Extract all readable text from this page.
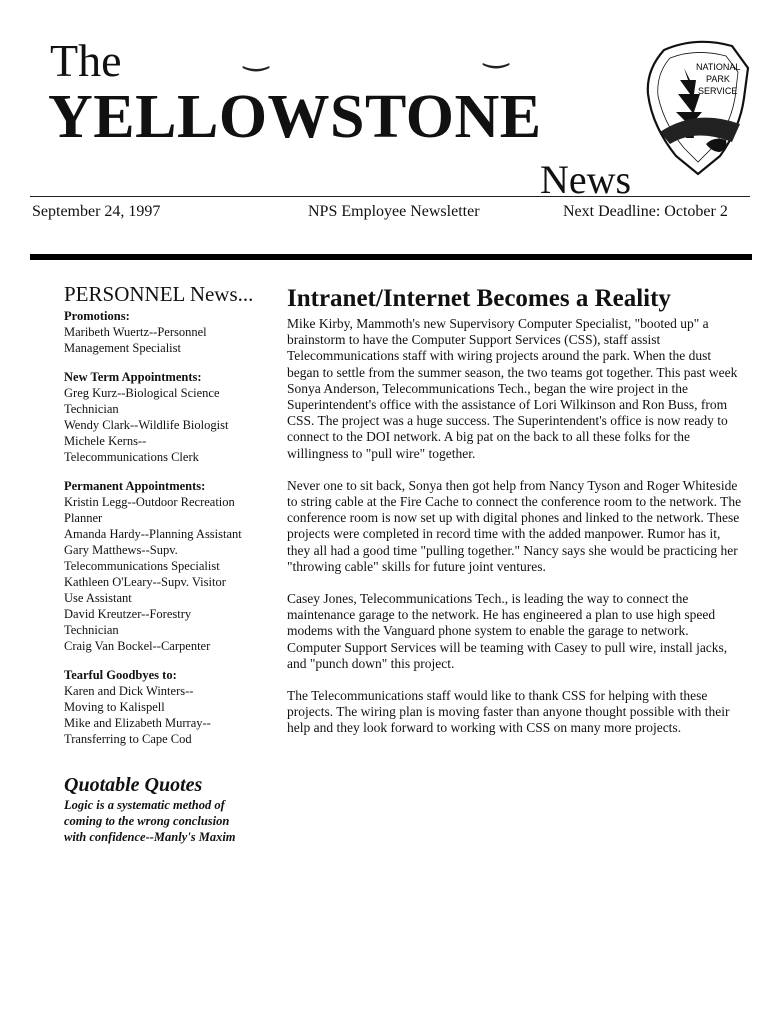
The	‿	‿
YELLOWSTONE
News
NATIONAL
PARK
SERVICE
September 24, 1997	NPS Employee Newsletter	Next Deadline: October 2
PERSONNEL News...
Promotions:
Maribeth Wuertz--Personnel
Management Specialist
New Term Appointments:
Greg Kurz--Biological Science
Technician
Wendy Clark--Wildlife Biologist
Michele Kerns--
Telecommunications Clerk
Permanent Appointments:
Kristin Legg--Outdoor Recreation
Planner
Amanda Hardy--Planning Assistant
Gary Matthews--Supv.
Telecommunications Specialist
Kathleen O'Leary--Supv. Visitor
Use Assistant
David Kreutzer--Forestry
Technician
Craig Van Bockel--Carpenter
Tearful Goodbyes to:
Karen and Dick Winters--
Moving to Kalispell
Mike and Elizabeth Murray--
Transferring to Cape Cod
Quotable Quotes
Logic is a systematic method of
coming to the wrong conclusion
with confidence--Manly's Maxim
Intranet/Internet Becomes a Reality

Mike Kirby, Mammoth's new Supervisory Computer Specialist, "booted up" a brainstorm to have the Computer Support Services (CSS), staff assist Telecommunications staff with wiring projects around the park. When the dust began to settle from the summer season, the two teams got together. This past week Sonya Anderson, Telecommunications Tech., began the wire project in the Superintendent's office with the assistance of Lori Wilkinson and Ron Buss, from CSS. The project was a huge success. The Superintendent's office is now ready to connect to the DOI network. A big pat on the back to all these folks for the willingness to "pull wire" together.

Never one to sit back, Sonya then got help from Nancy Tyson and Roger Whiteside to string cable at the Fire Cache to connect the conference room to the network. The conference room is now set up with digital phones and linked to the network. These projects were completed in record time with the added manpower. Rumor has it, they all had a good time "pulling together." Nancy says she would be practicing her "throwing cable" skills for future joint ventures.

Casey Jones, Telecommunications Tech., is leading the way to connect the maintenance garage to the network. He has engineered a plan to use high speed modems with the Vanguard phone system to enable the garage to network. Computer Support Services will be teaming with Casey to pull wire, install jacks, and "punch down" this project.

The Telecommunications staff would like to thank CSS for helping with these projects. The wiring plan is moving faster than anyone thought possible with their help and they look forward to working with CSS on many more projects.
